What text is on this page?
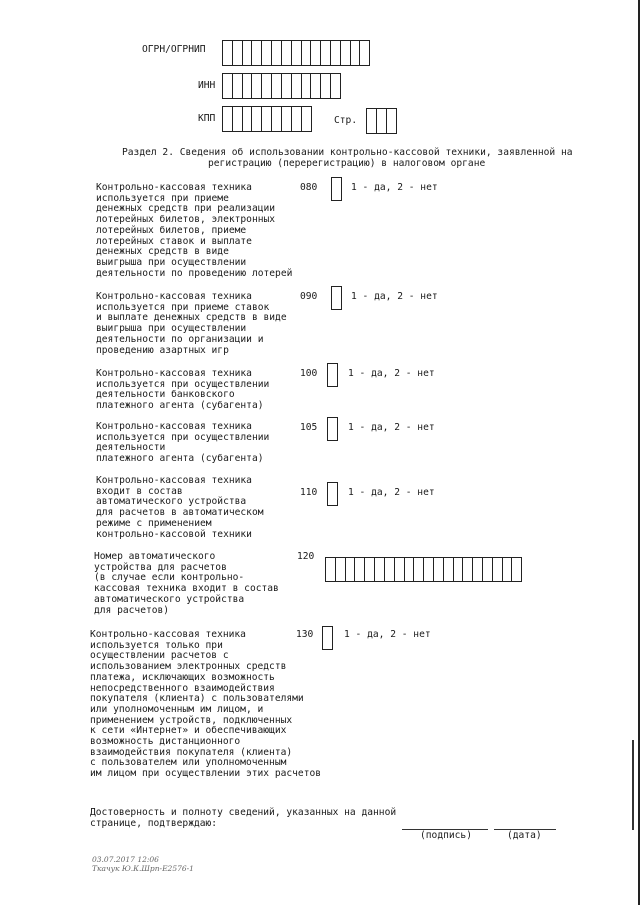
ОГРН/ОГРНИП
ИНН
КПП	Стр.
Раздел 2. Сведения об использовании контрольно-кассовой техники, заявленной на
регистрацию (перерегистрацию) в налоговом органе
Контрольно-кассовая техника
используется при приеме
денежных средств при реализации
лотерейных билетов, электронных
лотерейных билетов, приеме
лотерейных ставок и выплате
денежных средств в виде
выигрыша при осуществлении
деятельности по проведению лотерей
080	1 - да, 2 - нет
Контрольно-кассовая техника
используется при приеме ставок
и выплате денежных средств в виде
выигрыша при осуществлении
деятельности по организации и
проведению азартных игр
090	1 - да, 2 - нет
Контрольно-кассовая техника
используется при осуществлении
деятельности банковского
платежного агента (субагента)
100	1 - да, 2 - нет
Контрольно-кассовая техника
используется при осуществлении
деятельности
платежного агента (субагента)
105	1 - да, 2 - нет
Контрольно-кассовая техника
входит в состав
автоматического устройства
для расчетов в автоматическом
режиме с применением
контрольно-кассовой техники
110	1 - да, 2 - нет
Номер автоматического
устройства для расчетов
(в случае если контрольно-
кассовая техника входит в состав
автоматического устройства
для расчетов)
120
Контрольно-кассовая техника
используется только при
осуществлении расчетов с
использованием электронных средств
платежа, исключающих возможность
непосредственного взаимодействия
покупателя (клиента) с пользователями
или уполномоченным им лицом, и
применением устройств, подключенных
к сети «Интернет» и обеспечивающих
возможность дистанционного
взаимодействия покупателя (клиента)
с пользователем или уполномоченным
им лицом при осуществлении этих расчетов
130	1 - да, 2 - нет
Достоверность и полноту сведений, указанных на данной
странице, подтверждаю:
(подпись)	(дата)
03.07.2017 12:06
Ткачук Ю.К.Шрп-Е2576-1
